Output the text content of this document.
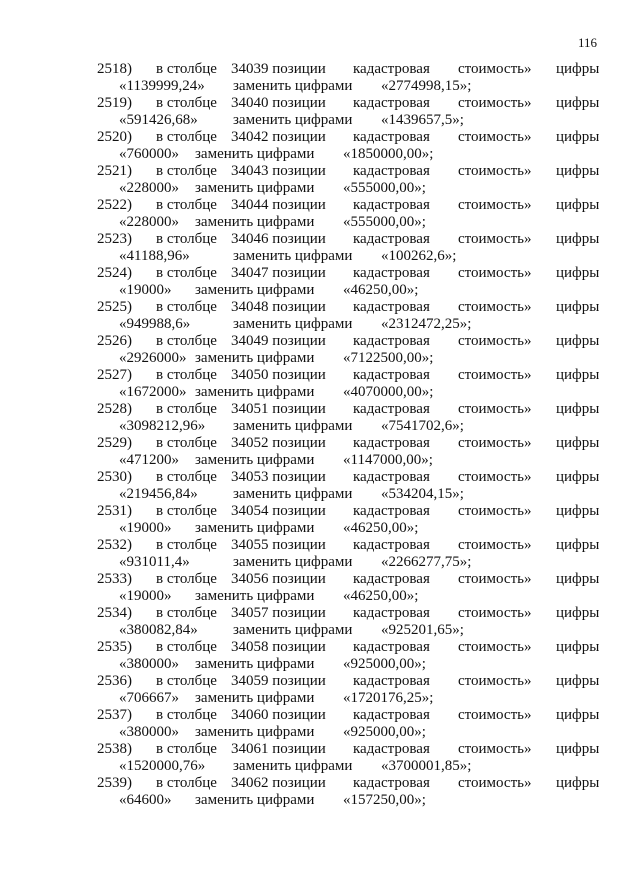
116
2518) в столбце 34039 позиции кадастровая стоимость» цифры
«1139999,24» заменить цифрами «2774998,15»;
2519) в столбце 34040 позиции кадастровая стоимость» цифры
«591426,68» заменить цифрами «1439657,5»;
2520) в столбце 34042 позиции кадастровая стоимость» цифры
«760000» заменить цифрами «1850000,00»;
2521) в столбце 34043 позиции кадастровая стоимость» цифры
«228000» заменить цифрами «555000,00»;
2522) в столбце 34044 позиции кадастровая стоимость» цифры
«228000» заменить цифрами «555000,00»;
2523) в столбце 34046 позиции кадастровая стоимость» цифры
«41188,96»	заменить цифрами «100262,6»;
2524) в столбце 34047 позиции кадастровая стоимость» цифры
«19000» заменить цифрами «46250,00»;
2525) в столбце 34048 позиции кадастровая стоимость» цифры
«949988,6»	заменить цифрами «2312472,25»;
2526) в столбце 34049 позиции кадастровая стоимость» цифры
«2926000» заменить цифрами «7122500,00»;
2527) в столбце 34050 позиции кадастровая стоимость» цифры
«1672000» заменить цифрами «4070000,00»;
2528) в столбце 34051 позиции кадастровая стоимость» цифры
«3098212,96» заменить цифрами «7541702,6»;
2529) в столбце 34052 позиции кадастровая стоимость» цифры
«471200» заменить цифрами «1147000,00»;
2530) в столбце 34053 позиции кадастровая стоимость» цифры
«219456,84» заменить цифрами «534204,15»;
2531) в столбце 34054 позиции кадастровая стоимость» цифры
«19000» заменить цифрами «46250,00»;
2532) в столбце 34055 позиции кадастровая стоимость» цифры
«931011,4»	заменить цифрами «2266277,75»;
2533) в столбце 34056 позиции кадастровая стоимость» цифры
«19000» заменить цифрами «46250,00»;
2534) в столбце 34057 позиции кадастровая стоимость» цифры
«380082,84» заменить цифрами «925201,65»;
2535) в столбце 34058 позиции кадастровая стоимость» цифры
«380000» заменить цифрами «925000,00»;
2536) в столбце 34059 позиции кадастровая стоимость» цифры
«706667» заменить цифрами «1720176,25»;
2537) в столбце 34060 позиции кадастровая стоимость» цифры
«380000» заменить цифрами «925000,00»;
2538) в столбце 34061 позиции кадастровая стоимость» цифры
«1520000,76» заменить цифрами «3700001,85»;
2539) в столбце 34062 позиции кадастровая стоимость» цифры
«64600» заменить цифрами «157250,00»;
